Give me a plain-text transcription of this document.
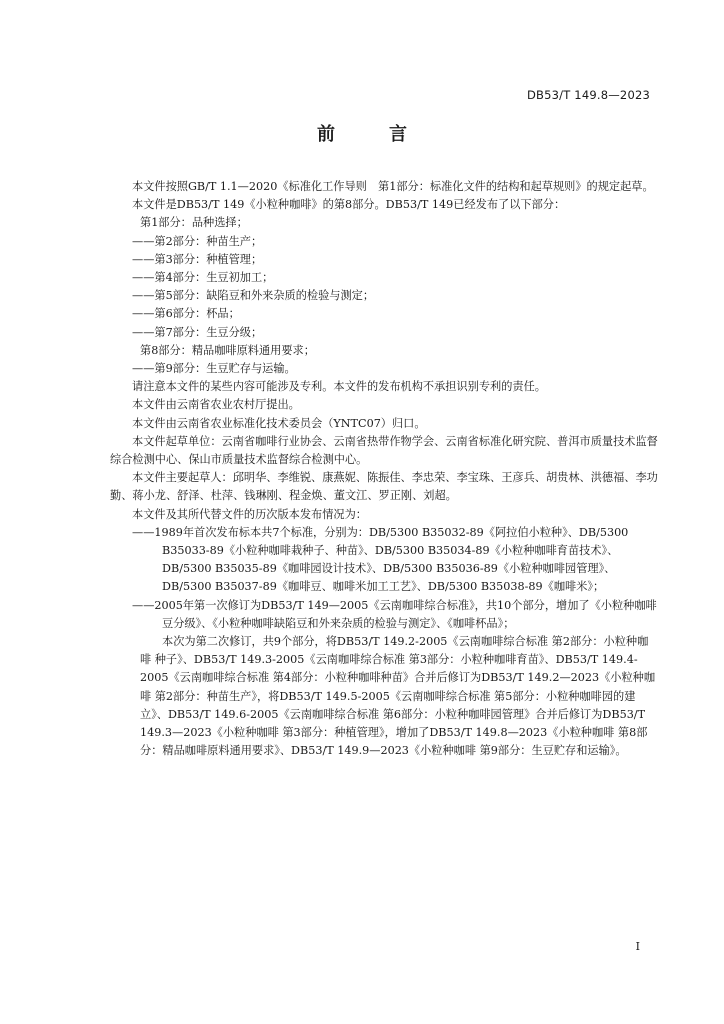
DB53/T 149.8—2023
前　言

本文件按照GB/T 1.1—2020《标准化工作导则　第1部分：标准化文件的结构和起草规则》的规定起草。

本文件是DB53/T 149《小粒种咖啡》的第8部分。DB53/T 149已经发布了以下部分：

第1部分：品种选择；

——第2部分：种苗生产；

——第3部分：种植管理；

——第4部分：生豆初加工；

——第5部分：缺陷豆和外来杂质的检验与测定；

——第6部分：杯品；

——第7部分：生豆分级；

第8部分：精品咖啡原料通用要求；

——第9部分：生豆贮存与运输。

请注意本文件的某些内容可能涉及专利。本文件的发布机构不承担识别专利的责任。

本文件由云南省农业农村厅提出。

本文件由云南省农业标准化技术委员会（YNTC07）归口。

本文件起草单位：云南省咖啡行业协会、云南省热带作物学会、云南省标准化研究院、普洱市质量技术监督综合检测中心、保山市质量技术监督综合检测中心。

本文件主要起草人：邱明华、李维锐、康燕妮、陈振佳、李忠荣、李宝珠、王彦兵、胡贵林、洪德福、李功勤、蒋小龙、舒泽、杜萍、钱琳刚、程金焕、董文江、罗正刚、刘超。

本文件及其所代替文件的历次版本发布情况为：

——1989年首次发布标本共7个标准，分别为：DB/5300 B35032-89《阿拉伯小粒种》、DB/5300 B35033-89《小粒种咖啡栽种子、种苗》、DB/5300 B35034-89《小粒种咖啡育苗技术》、DB/5300 B35035-89《咖啡园设计技术》、DB/5300 B35036-89《小粒种咖啡园管理》、DB/5300 B35037-89《咖啡豆、咖啡米加工工艺》、DB/5300 B35038-89《咖啡米》；

——2005年第一次修订为DB53/T 149—2005《云南咖啡综合标准》，共10个部分，增加了《小粒种咖啡豆分级》、《小粒种咖啡缺陷豆和外来杂质的检验与测定》、《咖啡杯品》；

本次为第二次修订，共9个部分，将DB53/T 149.2-2005《云南咖啡综合标准 第2部分：小粒种咖啡 种子》、DB53/T 149.3-2005《云南咖啡综合标准 第3部分：小粒种咖啡育苗》、DB53/T 149.4-2005《云南咖啡综合标准 第4部分：小粒种咖啡种苗》合并后修订为DB53/T 149.2—2023《小粒种咖啡 第2部分：种苗生产》，将DB53/T 149.5-2005《云南咖啡综合标准 第5部分：小粒种咖啡园的建立》、DB53/T 149.6-2005《云南咖啡综合标准 第6部分：小粒种咖啡园管理》合并后修订为DB53/T 149.3—2023《小粒种咖啡 第3部分：种植管理》，增加了DB53/T 149.8—2023《小粒种咖啡 第8部分：精品咖啡原料通用要求》、DB53/T 149.9—2023《小粒种咖啡 第9部分：生豆贮存和运输》。

I
